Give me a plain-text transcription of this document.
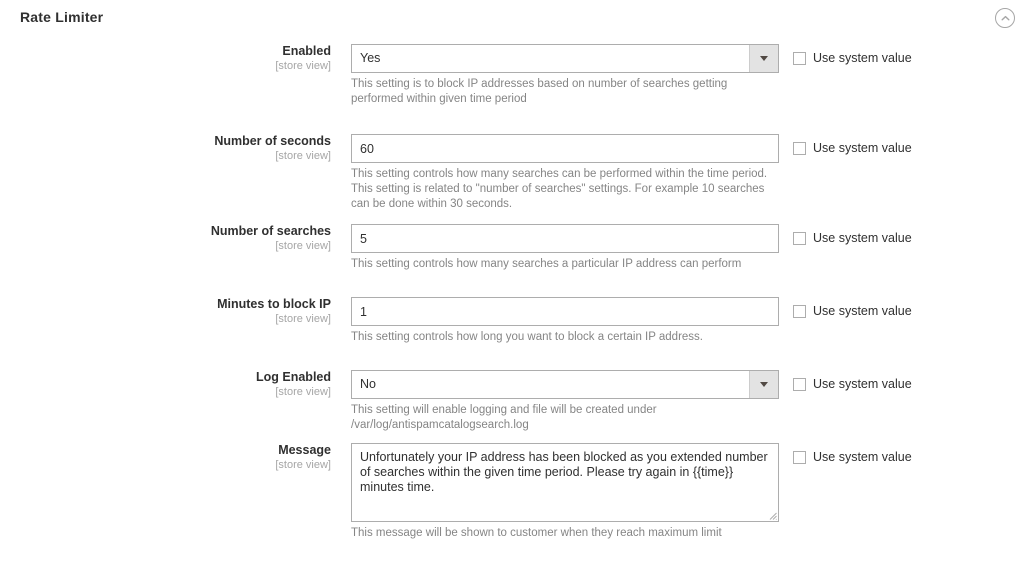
Rate Limiter
Enabled
[store view]
Yes
This setting is to block IP addresses based on number of searches getting performed within given time period
Use system value
Number of seconds
[store view]
60
This setting controls how many searches can be performed within the time period. This setting is related to "number of searches" settings. For example 10 searches can be done within 30 seconds.
Use system value
Number of searches
[store view]
5
This setting controls how many searches a particular IP address can perform
Use system value
Minutes to block IP
[store view]
1
This setting controls how long you want to block a certain IP address.
Use system value
Log Enabled
[store view]
No
This setting will enable logging and file will be created under /var/log/antispamcatalogsearch.log
Use system value
Message
[store view]
Unfortunately your IP address has been blocked as you extended number of searches within the given time period. Please try again in {{time}} minutes time.
This message will be shown to customer when they reach maximum limit
Use system value
